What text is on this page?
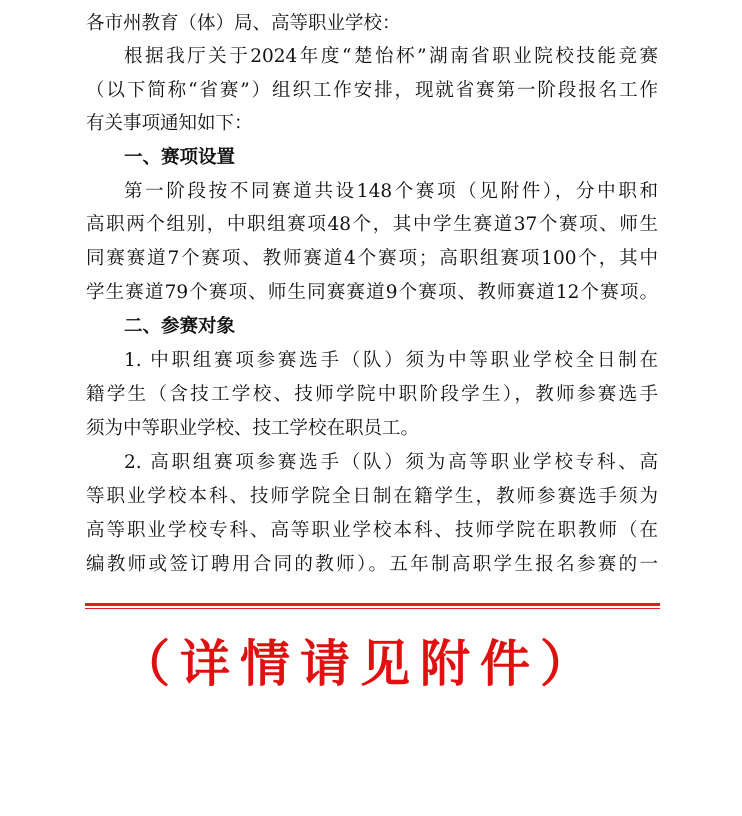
各市州教育（体）局、高等职业学校：
根据我厅关于2024年度“楚怡杯”湖南省职业院校技能竞赛
（以下简称“省赛”）组织工作安排，现就省赛第一阶段报名工作
有关事项通知如下：
一、赛项设置
第一阶段按不同赛道共设148个赛项（见附件），分中职和
高职两个组别，中职组赛项48个，其中学生赛道37个赛项、师生
同赛赛道7个赛项、教师赛道4个赛项；高职组赛项100个，其中
学生赛道79个赛项、师生同赛赛道9个赛项、教师赛道12个赛项。
二、参赛对象
1. 中职组赛项参赛选手（队）须为中等职业学校全日制在
籍学生（含技工学校、技师学院中职阶段学生），教师参赛选手
须为中等职业学校、技工学校在职员工。
2. 高职组赛项参赛选手（队）须为高等职业学校专科、高
等职业学校本科、技师学院全日制在籍学生，教师参赛选手须为
高等职业学校专科、高等职业学校本科、技师学院在职教师（在
编教师或签订聘用合同的教师）。五年制高职学生报名参赛的一
（详情请见附件）
